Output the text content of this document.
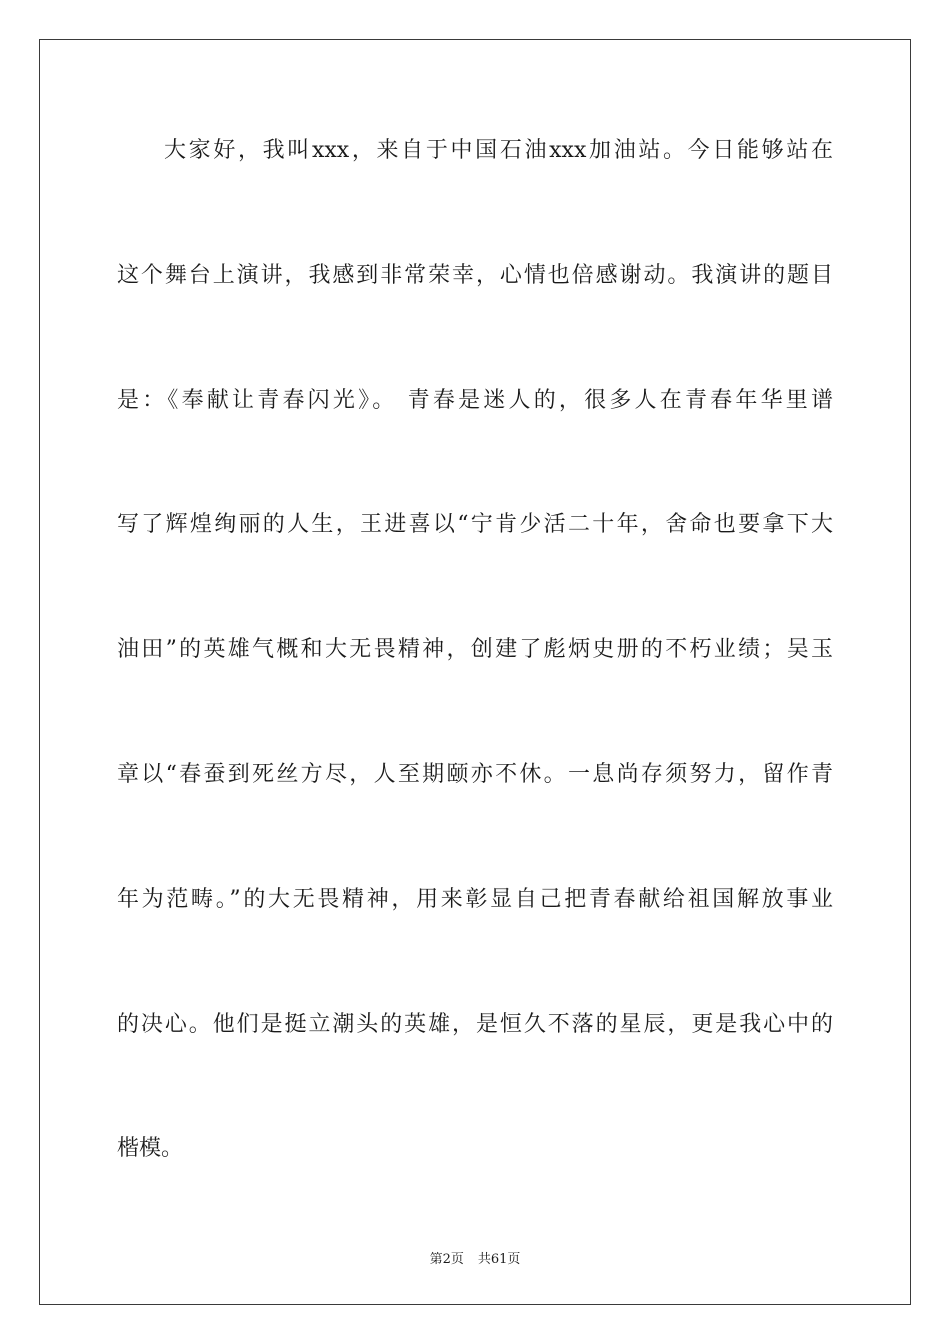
大家好，我叫xxx，来自于中国石油xxx加油站。今日能够站在
这个舞台上演讲，我感到非常荣幸，心情也倍感谢动。我演讲的题目
是：《奉献让青春闪光》。 青春是迷人的，很多人在青春年华里谱
写了辉煌绚丽的人生，王进喜以“宁肯少活二十年，舍命也要拿下大
油田”的英雄气概和大无畏精神，创建了彪炳史册的不朽业绩；吴玉
章以“春蚕到死丝方尽，人至期颐亦不休。一息尚存须努力，留作青
年为范畴。”的大无畏精神，用来彰显自己把青春献给祖国解放事业
的决心。他们是挺立潮头的英雄，是恒久不落的星辰，更是我心中的
楷模。
第2页 共61页
